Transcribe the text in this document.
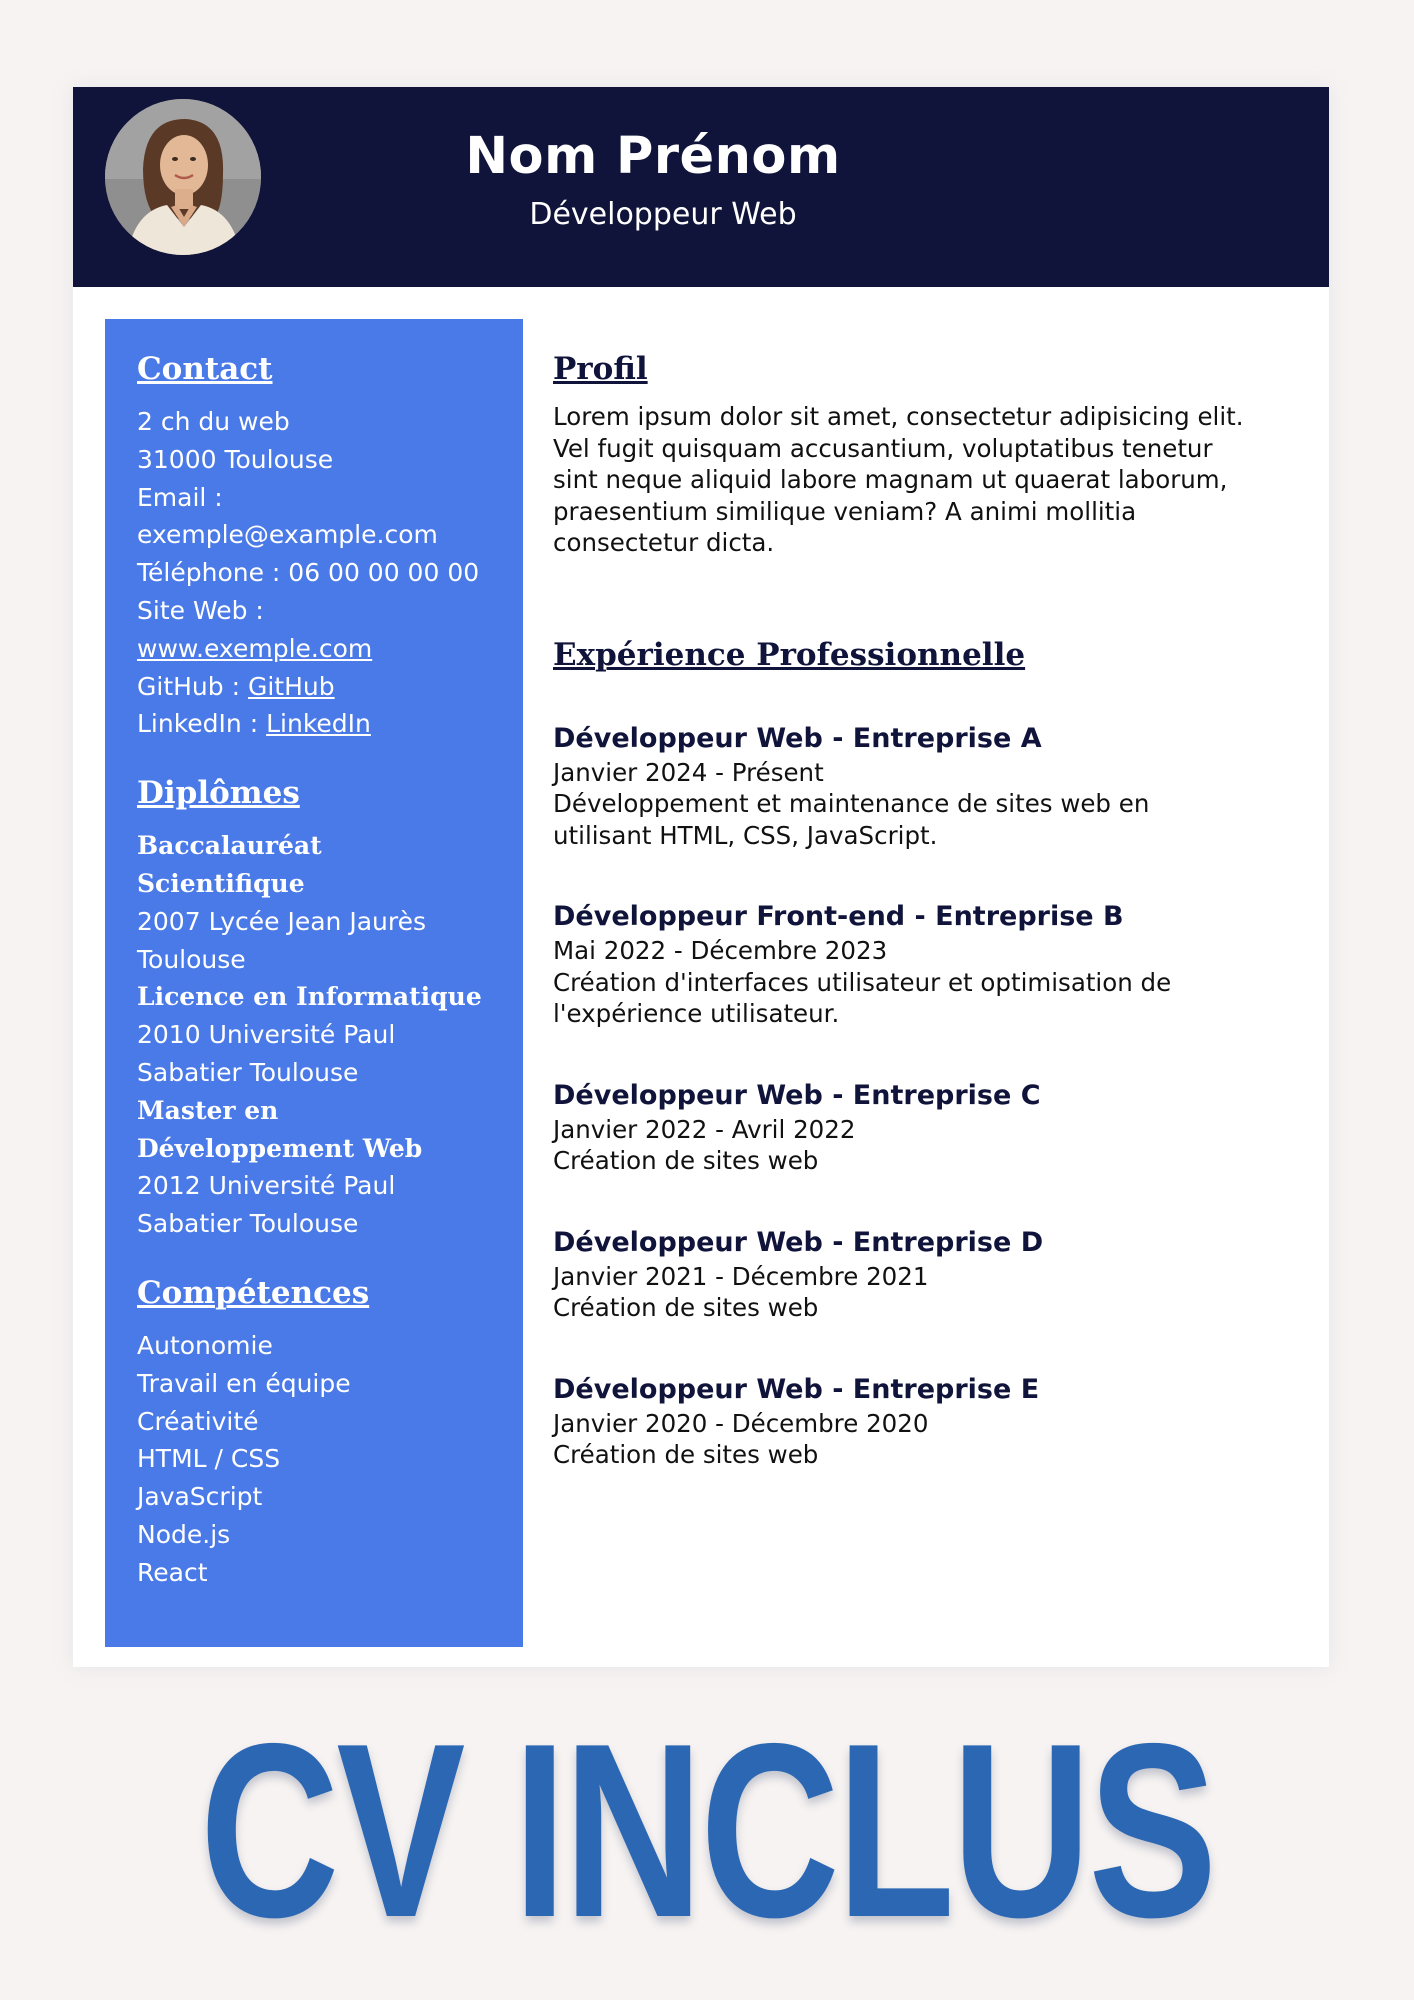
Nom Prénom
Développeur Web
Contact
2 ch du web
31000 Toulouse
Email :
exemple@example.com
Téléphone : 06 00 00 00 00
Site Web :
www.exemple.com
GitHub : GitHub
LinkedIn : LinkedIn
Diplômes
Baccalauréat
Scientifique
2007 Lycée Jean Jaurès
Toulouse
Licence en Informatique
2010 Université Paul
Sabatier Toulouse
Master en
Développement Web
2012 Université Paul
Sabatier Toulouse
Compétences
Autonomie
Travail en équipe
Créativité
HTML / CSS
JavaScript
Node.js
React
Profil
Lorem ipsum dolor sit amet, consectetur adipisicing elit.
Vel fugit quisquam accusantium, voluptatibus tenetur
sint neque aliquid labore magnam ut quaerat laborum,
praesentium similique veniam? A animi mollitia
consectetur dicta.
Expérience Professionnelle
Développeur Web - Entreprise A
Janvier 2024 - Présent
Développement et maintenance de sites web en
utilisant HTML, CSS, JavaScript.
Développeur Front-end - Entreprise B
Mai 2022 - Décembre 2023
Création d'interfaces utilisateur et optimisation de
l'expérience utilisateur.
Développeur Web - Entreprise C
Janvier 2022 - Avril 2022
Création de sites web
Développeur Web - Entreprise D
Janvier 2021 - Décembre 2021
Création de sites web
Développeur Web - Entreprise E
Janvier 2020 - Décembre 2020
Création de sites web
CV INCLUS
